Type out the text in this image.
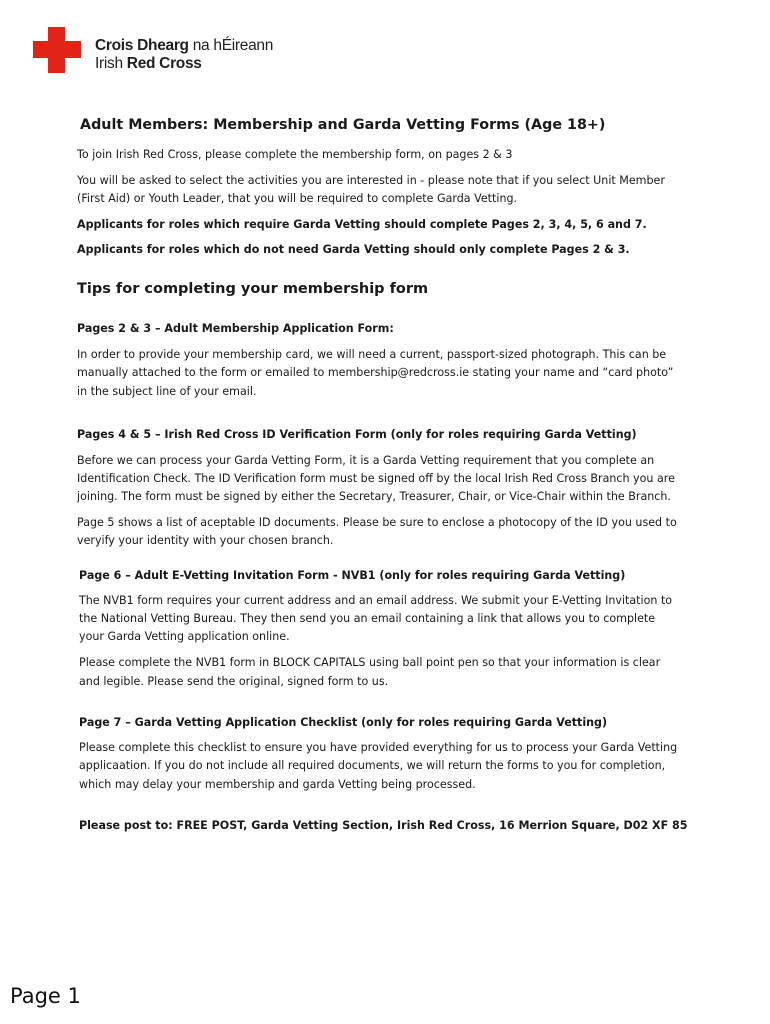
Crois Dhearg na hÉireann
Irish Red Cross
Adult Members: Membership and Garda Vetting Forms (Age 18+)

To join Irish Red Cross, please complete the membership form, on pages 2 & 3

You will be asked to select the activities you are interested in - please note that if you select Unit Member

(First Aid) or Youth Leader, that you will be required to complete Garda Vetting.

Applicants for roles which require Garda Vetting should complete Pages 2, 3, 4, 5, 6 and 7.

Applicants for roles which do not need Garda Vetting should only complete Pages 2 & 3.

Tips for completing your membership form

Pages 2 & 3 – Adult Membership Application Form:

In order to provide your membership card, we will need a current, passport-sized photograph. This can be

manually attached to the form or emailed to membership@redcross.ie stating your name and “card photo”

in the subject line of your email.

Pages 4 & 5 – Irish Red Cross ID Verification Form (only for roles requiring Garda Vetting)

Before we can process your Garda Vetting Form, it is a Garda Vetting requirement that you complete an

Identification Check. The ID Verification form must be signed off by the local Irish Red Cross Branch you are

joining. The form must be signed by either the Secretary, Treasurer, Chair, or Vice-Chair within the Branch.

Page 5 shows a list of aceptable ID documents. Please be sure to enclose a photocopy of the ID you used to

veryify your identity with your chosen branch.

Page 6 – Adult E-Vetting Invitation Form - NVB1 (only for roles requiring Garda Vetting)

The NVB1 form requires your current address and an email address. We submit your E-Vetting Invitation to

the National Vetting Bureau. They then send you an email containing a link that allows you to complete

your Garda Vetting application online.

Please complete the NVB1 form in BLOCK CAPITALS using ball point pen so that your information is clear

and legible. Please send the original, signed form to us.

Page 7 – Garda Vetting Application Checklist (only for roles requiring Garda Vetting)

Please complete this checklist to ensure you have provided everything for us to process your Garda Vetting

applicaation. If you do not include all required documents, we will return the forms to you for completion,

which may delay your membership and garda Vetting being processed.

Please post to: FREE POST, Garda Vetting Section, Irish Red Cross, 16 Merrion Square, D02 XF 85

Page 1
